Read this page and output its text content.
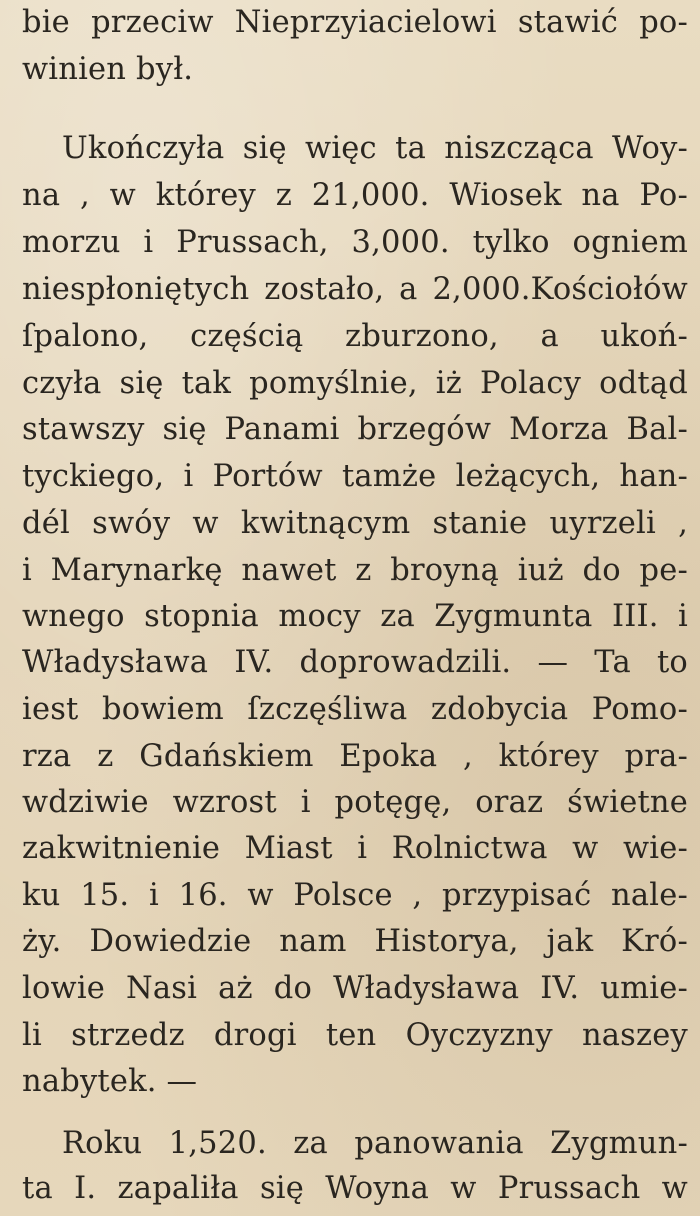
bie przeciw Nieprzyiacielowi stawić po-
winien był.
Ukończyła się więc ta niszcząca Woy-
na , w którey z 21,000. Wiosek na Po-
morzu i Prussach, 3,000. tylko ogniem
niespłoniętych zostało, a 2,000.Kościołów
ſpalono, częścią zburzono, a ukoń-
czyła się tak pomyślnie, iż Polacy odtąd
stawszy się Panami brzegów Morza Bal-
tyckiego, i Portów tamże leżących, han-
dél swóy w kwitnącym stanie uyrzeli ,
i Marynarkę nawet z broyną iuż do pe-
wnego stopnia mocy za Zygmunta III. i
Władysława IV. doprowadzili. — Ta to
iest bowiem ſzczęśliwa zdobycia Pomo-
rza z Gdańskiem Epoka , którey pra-
wdziwie wzrost i potęgę, oraz świetne
zakwitnienie Miast i Rolnictwa w wie-
ku 15. i 16. w Polsce , przypisać nale-
ży. Dowiedzie nam Historya, jak Kró-
lowie Nasi aż do Władysława IV. umie-
li strzedz drogi ten Oyczyzny naszey
nabytek. —
Roku 1,520. za panowania Zygmun-
ta I. zapaliła się Woyna w Prussach w
